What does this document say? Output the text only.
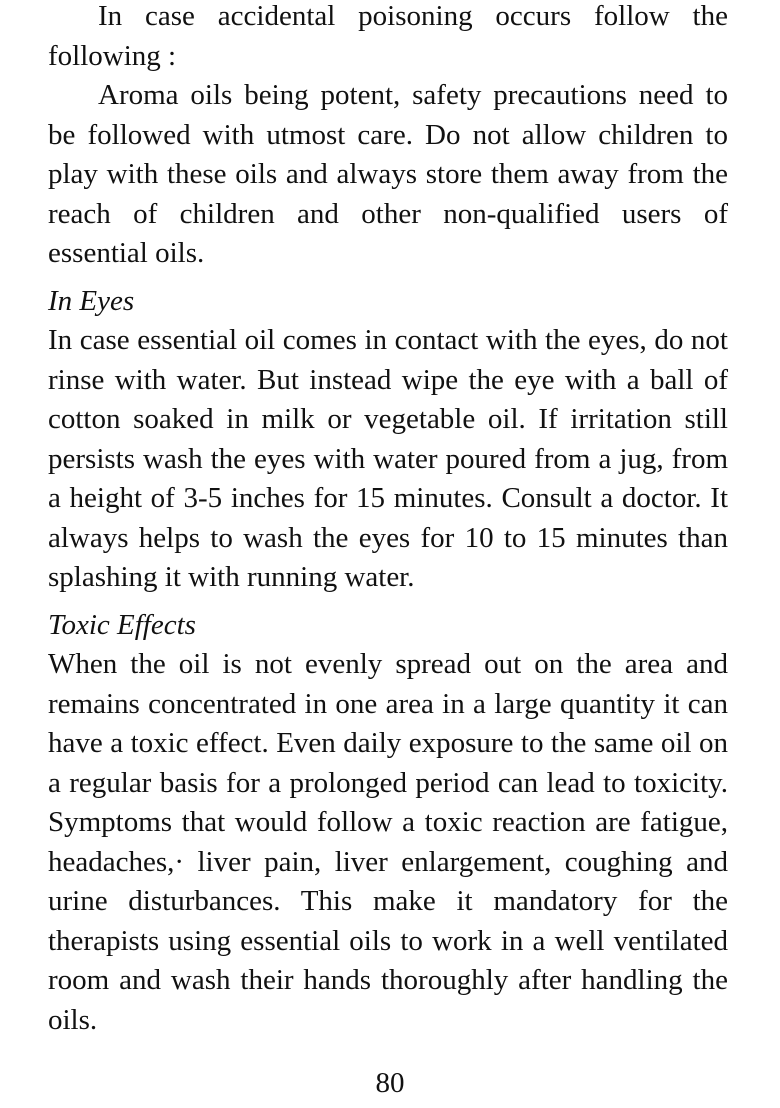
In case accidental poisoning occurs follow the following :

Aroma oils being potent, safety precautions need to be followed with utmost care. Do not allow children to play with these oils and always store them away from the reach of children and other non-qualified users of essential oils.

In Eyes

In case essential oil comes in contact with the eyes, do not rinse with water. But instead wipe the eye with a ball of cotton soaked in milk or vegetable oil. If irritation still persists wash the eyes with water poured from a jug, from a height of 3-5 inches for 15 minutes. Consult a doctor. It always helps to wash the eyes for 10 to 15 minutes than splashing it with running water.

Toxic Effects

When the oil is not evenly spread out on the area and remains concentrated in one area in a large quantity it can have a toxic effect. Even daily exposure to the same oil on a regular basis for a prolonged period can lead to toxicity. Symptoms that would follow a toxic reaction are fatigue, headaches,· liver pain, liver enlargement, coughing and urine disturbances. This make it mandatory for the therapists using essential oils to work in a well ventilated room and wash their hands thoroughly after handling the oils.

80
